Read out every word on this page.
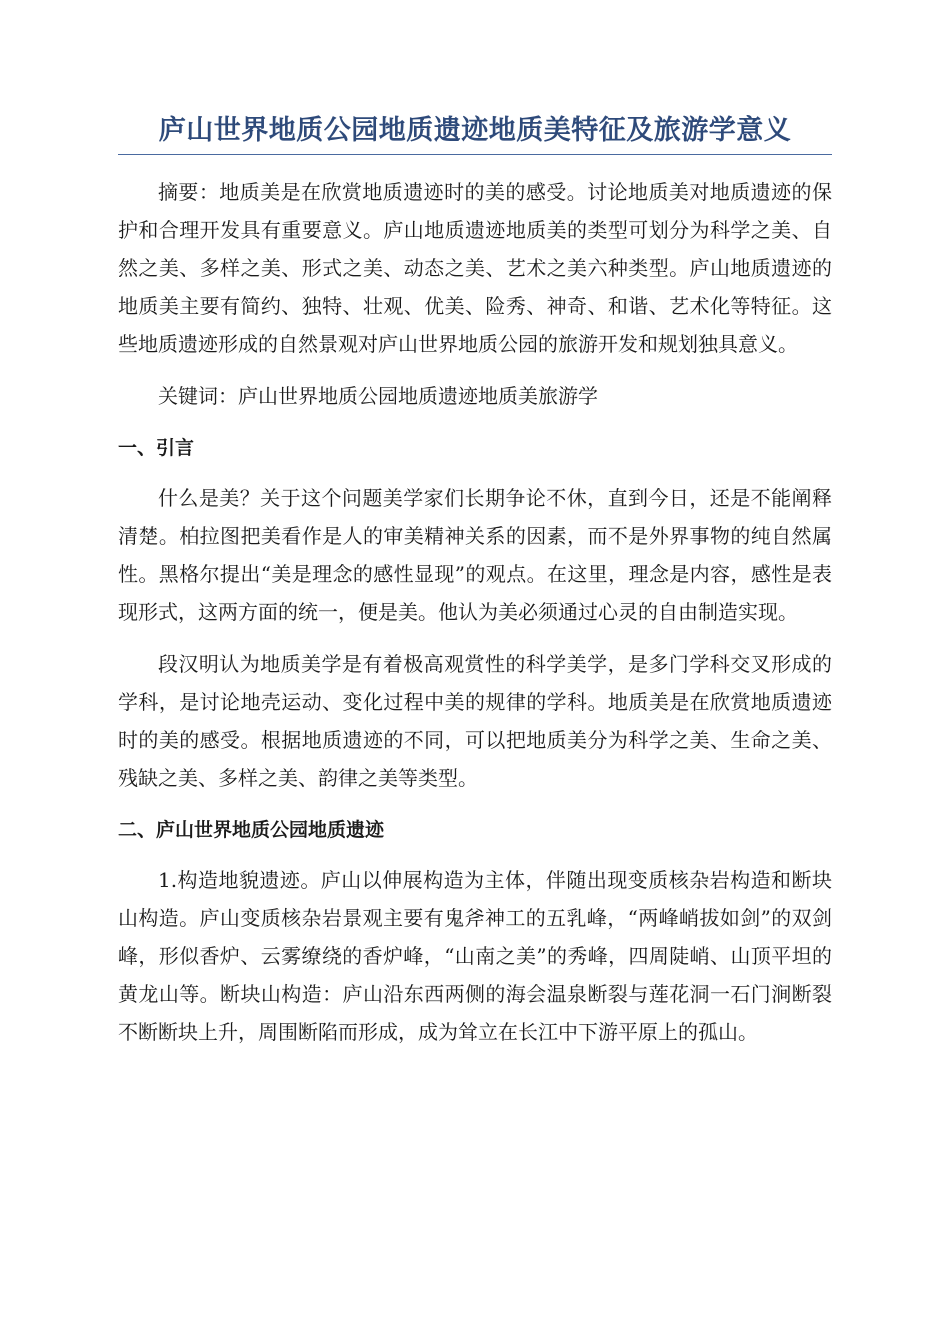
庐山世界地质公园地质遗迹地质美特征及旅游学意义

摘要：地质美是在欣赏地质遗迹时的美的感受。讨论地质美对地质遗迹的保护和合理开发具有重要意义。庐山地质遗迹地质美的类型可划分为科学之美、自然之美、多样之美、形式之美、动态之美、艺术之美六种类型。庐山地质遗迹的地质美主要有简约、独特、壮观、优美、险秀、神奇、和谐、艺术化等特征。这些地质遗迹形成的自然景观对庐山世界地质公园的旅游开发和规划独具意义。

关键词：庐山世界地质公园地质遗迹地质美旅游学

一、引言

什么是美？关于这个问题美学家们长期争论不休，直到今日，还是不能阐释清楚。柏拉图把美看作是人的审美精神关系的因素，而不是外界事物的纯自然属性。黑格尔提出“美是理念的感性显现”的观点。在这里，理念是内容，感性是表现形式，这两方面的统一，便是美。他认为美必须通过心灵的自由制造实现。

段汉明认为地质美学是有着极高观赏性的科学美学，是多门学科交叉形成的学科，是讨论地壳运动、变化过程中美的规律的学科。地质美是在欣赏地质遗迹时的美的感受。根据地质遗迹的不同，可以把地质美分为科学之美、生命之美、残缺之美、多样之美、韵律之美等类型。

二、庐山世界地质公园地质遗迹

1.构造地貌遗迹。庐山以伸展构造为主体，伴随出现变质核杂岩构造和断块山构造。庐山变质核杂岩景观主要有鬼斧神工的五乳峰，“两峰峭拔如剑”的双剑峰，形似香炉、云雾缭绕的香炉峰，“山南之美”的秀峰，四周陡峭、山顶平坦的黄龙山等。断块山构造：庐山沿东西两侧的海会温泉断裂与莲花洞一石门涧断裂不断断块上升，周围断陷而形成，成为耸立在长江中下游平原上的孤山。
